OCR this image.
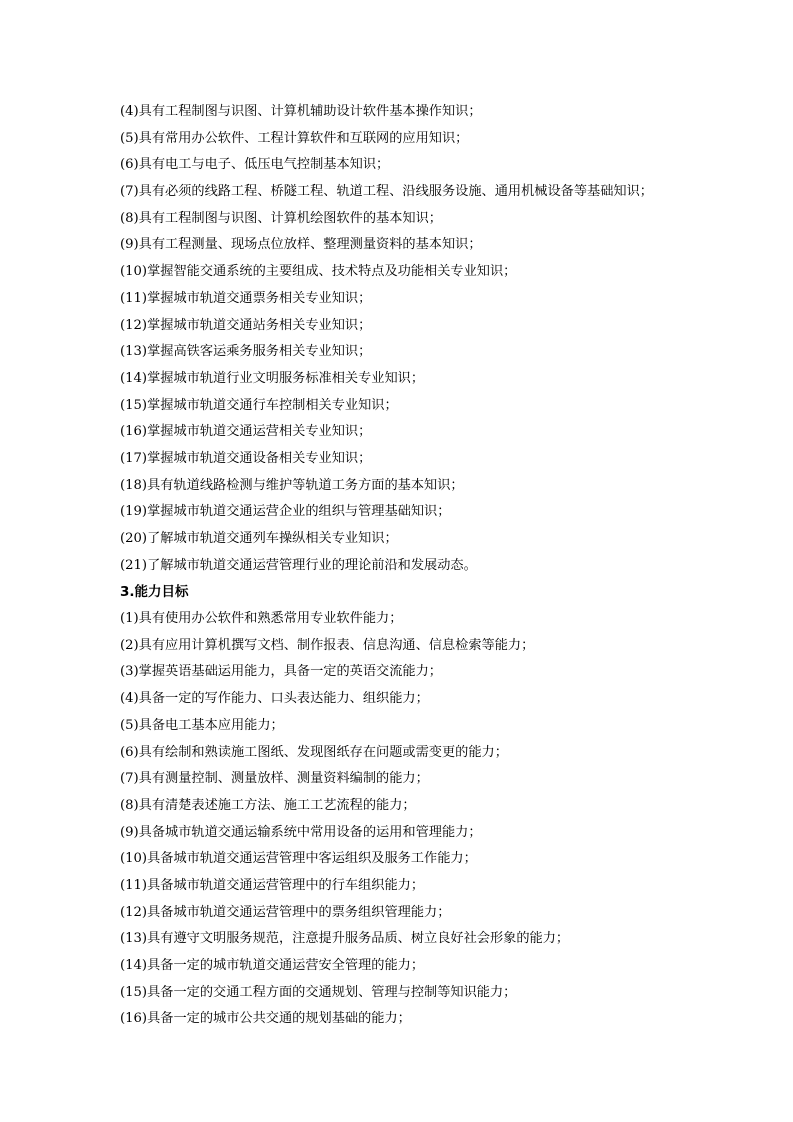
(4)具有工程制图与识图、计算机辅助设计软件基本操作知识；
(5)具有常用办公软件、工程计算软件和互联网的应用知识；
(6)具有电工与电子、低压电气控制基本知识；
(7)具有必须的线路工程、桥隧工程、轨道工程、沿线服务设施、通用机械设备等基础知识；
(8)具有工程制图与识图、计算机绘图软件的基本知识；
(9)具有工程测量、现场点位放样、整理测量资料的基本知识；
(10)掌握智能交通系统的主要组成、技术特点及功能相关专业知识；
(11)掌握城市轨道交通票务相关专业知识；
(12)掌握城市轨道交通站务相关专业知识；
(13)掌握高铁客运乘务服务相关专业知识；
(14)掌握城市轨道行业文明服务标准相关专业知识；
(15)掌握城市轨道交通行车控制相关专业知识；
(16)掌握城市轨道交通运营相关专业知识；
(17)掌握城市轨道交通设备相关专业知识；
(18)具有轨道线路检测与维护等轨道工务方面的基本知识；
(19)掌握城市轨道交通运营企业的组织与管理基础知识；
(20)了解城市轨道交通列车操纵相关专业知识；
(21)了解城市轨道交通运营管理行业的理论前沿和发展动态。
3.能力目标
(1)具有使用办公软件和熟悉常用专业软件能力；
(2)具有应用计算机撰写文档、制作报表、信息沟通、信息检索等能力；
(3)掌握英语基础运用能力，具备一定的英语交流能力；
(4)具备一定的写作能力、口头表达能力、组织能力；
(5)具备电工基本应用能力；
(6)具有绘制和熟读施工图纸、发现图纸存在问题或需变更的能力；
(7)具有测量控制、测量放样、测量资料编制的能力；
(8)具有清楚表述施工方法、施工工艺流程的能力；
(9)具备城市轨道交通运输系统中常用设备的运用和管理能力；
(10)具备城市轨道交通运营管理中客运组织及服务工作能力；
(11)具备城市轨道交通运营管理中的行车组织能力；
(12)具备城市轨道交通运营管理中的票务组织管理能力；
(13)具有遵守文明服务规范，注意提升服务品质、树立良好社会形象的能力；
(14)具备一定的城市轨道交通运营安全管理的能力；
(15)具备一定的交通工程方面的交通规划、管理与控制等知识能力；
(16)具备一定的城市公共交通的规划基础的能力；
